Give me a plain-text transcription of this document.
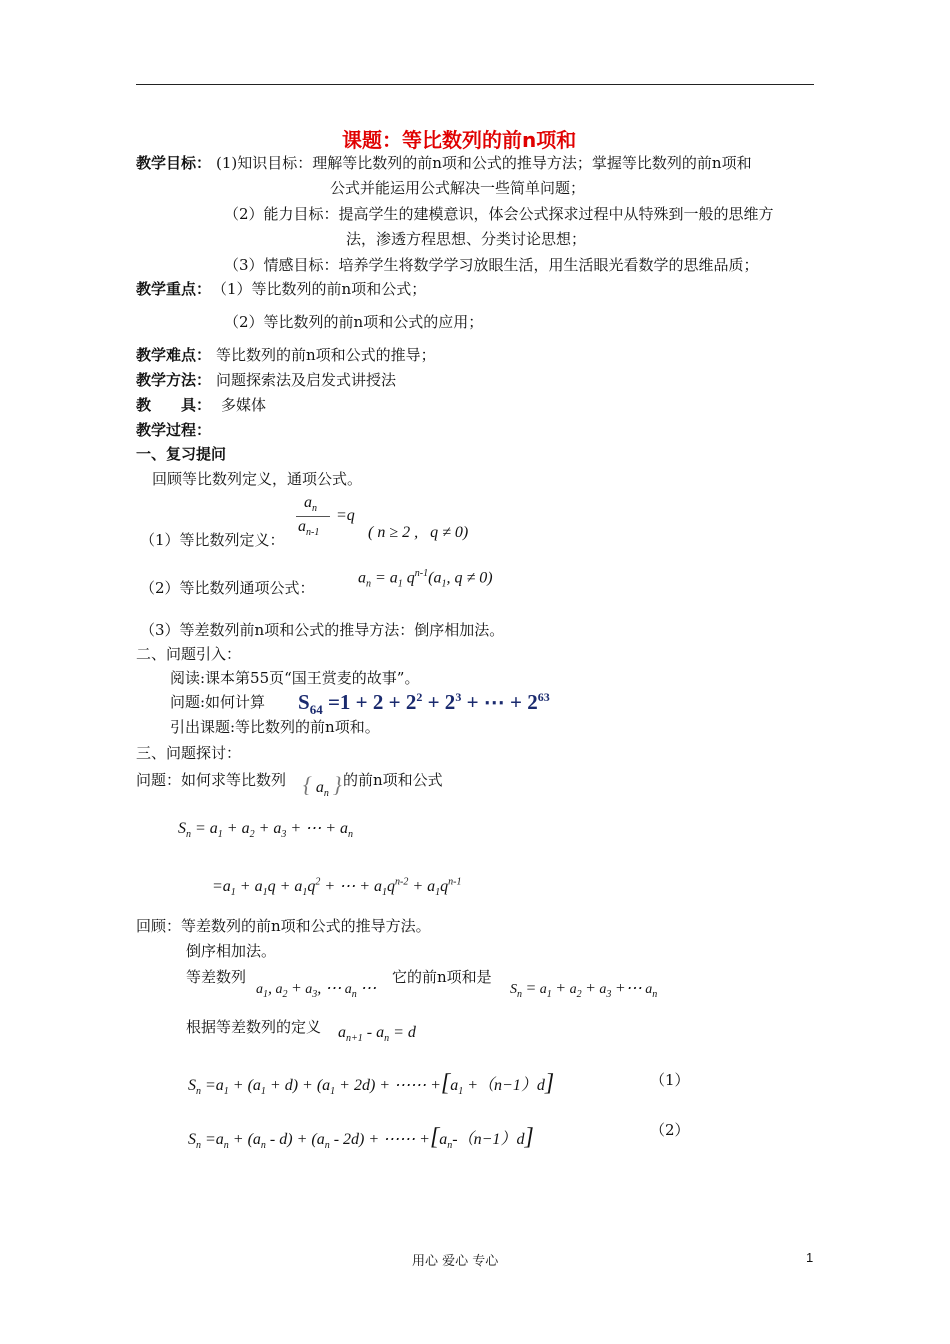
课题：等比数列的前n项和
教学目标： (1)知识目标：理解等比数列的前n项和公式的推导方法；掌握等比数列的前n项和
公式并能运用公式解决一些简单问题；
（2）能力目标：提高学生的建模意识，体会公式探求过程中从特殊到一般的思维方
法，渗透方程思想、分类讨论思想；
（3）情感目标：培养学生将数学学习放眼生活，用生活眼光看数学的思维品质；
教学重点： （1）等比数列的前n项和公式；
（2）等比数列的前n项和公式的应用；
教学难点： 等比数列的前n项和公式的推导；
教学方法： 问题探索法及启发式讲授法
教　　具： 多媒体
教学过程：
一、复习提问
回顾等比数列定义，通项公式。
（1）等比数列定义：
$a_n$
$a_{n-1}$
=q
( n ≥ 2 ,   q ≠ 0)
（2）等比数列通项公式：
$a_n = a_1$ $q^{n-1}(a_1$, q ≠ 0)
（3）等差数列前n项和公式的推导方法：倒序相加法。
二、问题引入：
阅读:课本第55页“国王赏麦的故事”。
问题:如何计算 $S_{64} =1 + 2 + 2^2 + 2^3$ + ⋯ + $2^{63}$
引出课题:等比数列的前n项和。
三、问题探讨：
问题：如何求等比数列 { $a_n$ } 的前n项和公式
$S_n = a_1 + a_2 + a_3$ + ⋯ + $a_n$
$=a_1 + a_1q + a_1q^2$ + ⋯ + $a_1q^{n-2} + a_1q^{n-1}$
回顾：等差数列的前n项和公式的推导方法。
倒序相加法。
等差数列
$a_1$, $a_2 + a_3$, ⋯ $a_n$ ⋯
它的前n项和是
$S_n = a_1 + a_2 + a_3$ +⋯ $a_n$
根据等差数列的定义 $a_{n+1} - a_n = d$
$S_n =a_1 + (a_1 + d) + (a_1 + 2d)$ + ⋯⋯ $+[a_1 +(n-1)d]$	（1）
$S_n =a_n + (a_n - d) + (a_n - 2d)$ + ⋯⋯ $+[a_n-(n-1)d]$	（2）
用心 爱心 专心	1
